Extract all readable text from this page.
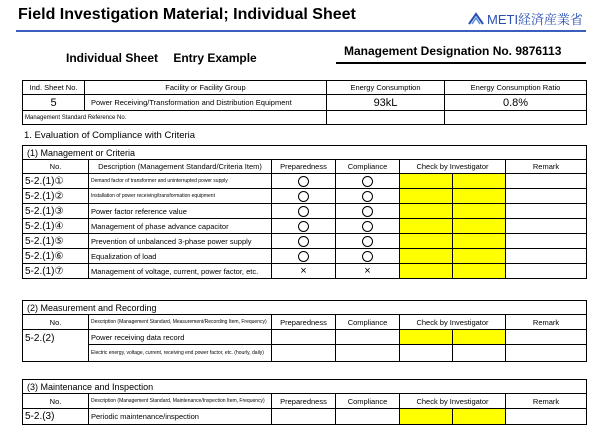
Field Investigation Material; Individual Sheet	METI経済産業省
Individual Sheet　 Entry Example	Management Designation No. 9876113
Ind. Sheet No.	Facility or Facility Group	Energy Consumption	Energy Consumption Ratio
5	Power Receiving/Transformation and Distribution Equipment	93kL	0.8%
Management Standard Reference No.			
1. Evaluation of Compliance with Criteria
(1) Management or Criteria					
No.	Description (Management Standard/Criteria Item)	Preparedness	Compliance	Check by Investigator	Remark
5-2.(1)①	Demand factor of transformer and uninterrupted power supply	

5-2.(1)②	Installation of power receiving/transformation equipment	

5-2.(1)③	Power factor reference value	

5-2.(1)④	Management of phase advance capacitor	

5-2.(1)⑤	Prevention of unbalanced 3-phase power supply	

5-2.(1)⑥	Equalization of load	

5-2.(1)⑦	Management of voltage, current, power factor, etc.	×	×		

(2) Measurement and Recording						
No.	Description (Management Standard, Measurement/Recording Item, Frequency)	Preparedness	Compliance	Check by Investigator		Remark
5-2.(2)	Power receiving data record					
	Electric energy, voltage, current, receiving end power factor, etc. (hourly, daily)					
(3) Maintenance and Inspection						
No.	Description (Management Standard, Maintenance/Inspection Item, Frequency)	Preparedness	Compliance	Check by Investigator		Remark
5-2.(3)	Periodic maintenance/inspection					
